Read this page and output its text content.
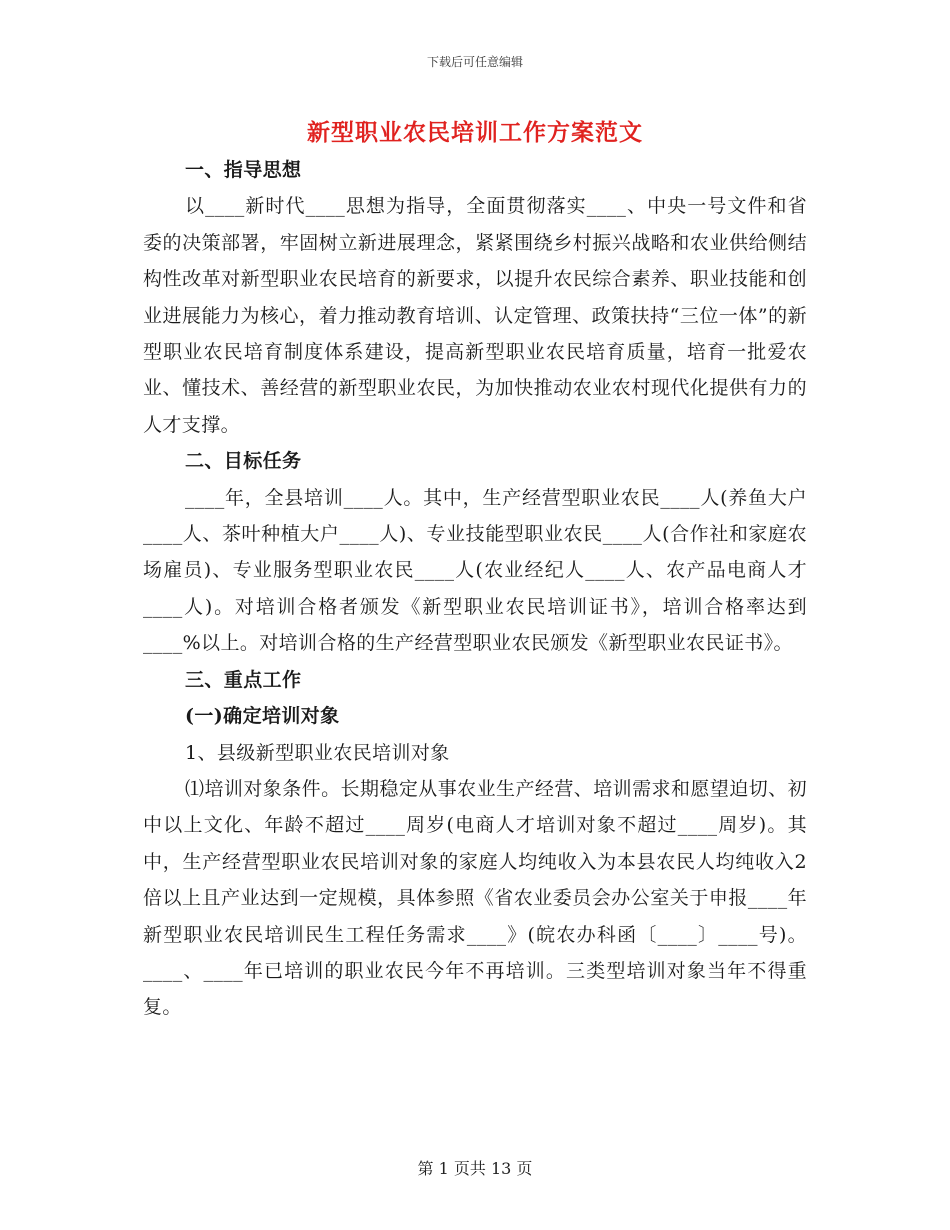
下载后可任意编辑
新型职业农民培训工作方案范文

一、指导思想

以____新时代____思想为指导，全面贯彻落实____、中央一号文件和省委的决策部署，牢固树立新进展理念，紧紧围绕乡村振兴战略和农业供给侧结构性改革对新型职业农民培育的新要求，以提升农民综合素养、职业技能和创业进展能力为核心，着力推动教育培训、认定管理、政策扶持“三位一体”的新型职业农民培育制度体系建设，提高新型职业农民培育质量，培育一批爱农业、懂技术、善经营的新型职业农民，为加快推动农业农村现代化提供有力的人才支撑。

二、目标任务

____年，全县培训____人。其中，生产经营型职业农民____人(养鱼大户____人、茶叶种植大户____人)、专业技能型职业农民____人(合作社和家庭农场雇员)、专业服务型职业农民____人(农业经纪人____人、农产品电商人才____人)。对培训合格者颁发《新型职业农民培训证书》，培训合格率达到____%以上。对培训合格的生产经营型职业农民颁发《新型职业农民证书》。

三、重点工作

(一)确定培训对象

1、县级新型职业农民培训对象

⑴培训对象条件。长期稳定从事农业生产经营、培训需求和愿望迫切、初中以上文化、年龄不超过____周岁(电商人才培训对象不超过____周岁)。其中，生产经营型职业农民培训对象的家庭人均纯收入为本县农民人均纯收入2倍以上且产业达到一定规模，具体参照《省农业委员会办公室关于申报____年新型职业农民培训民生工程任务需求____》(皖农办科函〔____〕____号)。____、____年已培训的职业农民今年不再培训。三类型培训对象当年不得重复。

第 1 页共 13 页
